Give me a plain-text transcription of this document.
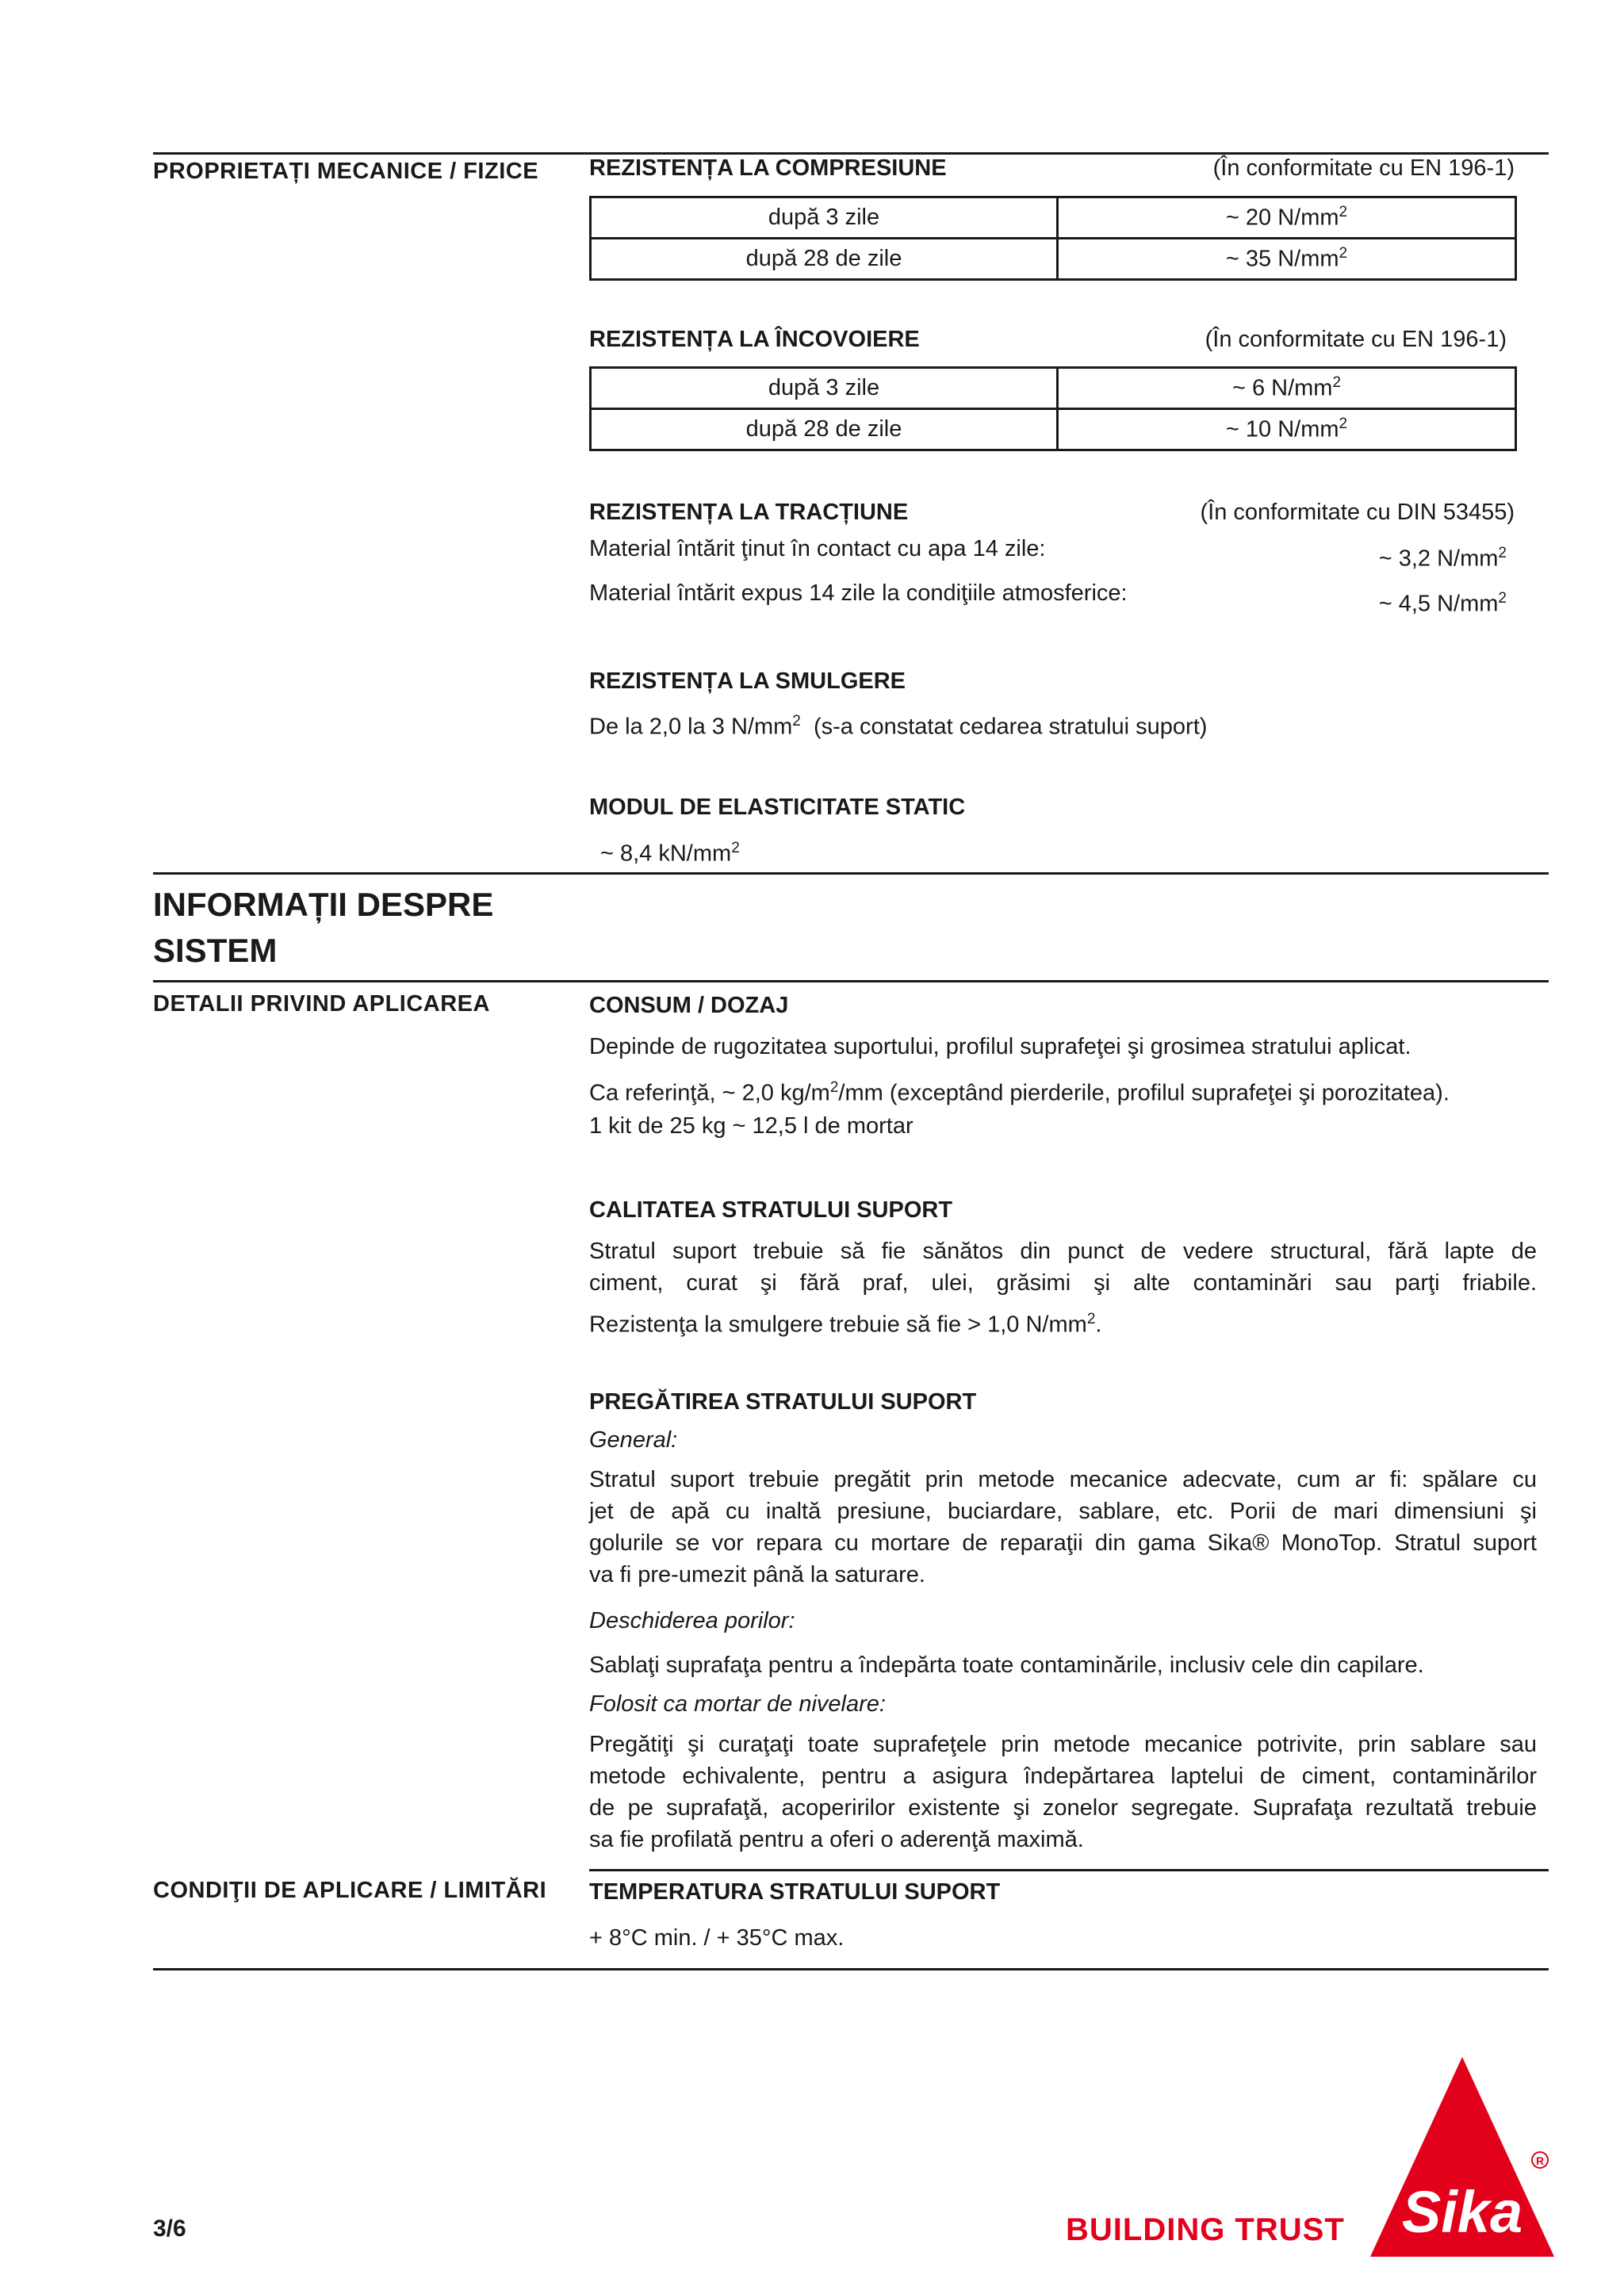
PROPRIETAȚI MECANICE / FIZICE REZISTENȚA LA COMPRESIUNE	(În conformitate cu EN 196-1)
după 3 zile	~ 20 $N/mm^2$
după 28 de zile	~ 35 $N/mm^2$
REZISTENȚA LA ÎNCOVOIERE	(În conformitate cu EN 196-1)
după 3 zile	~ 6 $N/mm^2$
după 28 de zile	~ 10 $N/mm^2$
REZISTENȚA LA TRACȚIUNE	(În conformitate cu DIN 53455)
Material întărit ţinut în contact cu apa 14 zile:	~ 3,2 $N/mm^2$
Material întărit expus 14 zile la condiţiile atmosferice:	~ 4,5 $N/mm^2$
REZISTENȚA LA SMULGERE
De la 2,0 la 3 $N/mm^2$ (s-a constatat cedarea stratului suport)
MODUL DE ELASTICITATE STATIC
~ 8,4 $kN/mm^2$
INFORMAȚII DESPRE
SISTEM
DETALII PRIVIND APLICAREA	CONSUM / DOZAJ
Depinde de rugozitatea suportului, profilul suprafeţei şi grosimea stratului aplicat.
Ca referinţă, ~ 2,0 $kg/m^2/mm$ (exceptând pierderile, profilul suprafeţei şi porozitatea).
1 kit de 25 kg ~ 12,5 l de mortar
CALITATEA STRATULUI SUPORT
Stratul suport trebuie să fie sănătos din punct de vedere structural, fără lapte de
ciment, curat şi fără praf, ulei, grăsimi şi alte contaminări sau parţi friabile.
Rezistenţa la smulgere trebuie să fie > 1,0 $N/mm^2$.
PREGĂTIREA STRATULUI SUPORT
General:
Stratul suport trebuie pregătit prin metode mecanice adecvate, cum ar fi: spălare cu
jet de apă cu inaltă presiune, buciardare, sablare, etc. Porii de mari dimensiuni şi
golurile se vor repara cu mortare de reparaţii din gama Sika® MonoTop. Stratul suport
va fi pre-umezit până la saturare.
Deschiderea porilor:
Sablaţi suprafaţa pentru a îndepărta toate contaminările, inclusiv cele din capilare.
Folosit ca mortar de nivelare:
Pregătiţi şi curaţaţi toate suprafeţele prin metode mecanice potrivite, prin sablare sau
metode echivalente, pentru a asigura îndepărtarea laptelui de ciment, contaminărilor
de pe suprafaţă, acoperirilor existente şi zonelor segregate. Suprafaţa rezultată trebuie
sa fie profilată pentru a oferi o aderenţă maximă.
CONDIŢII DE APLICARE / LIMITĂRI TEMPERATURA STRATULUI SUPORT
+ 8°C min. / + 35°C max.
3/6	BUILDING TRUST Sika
R
